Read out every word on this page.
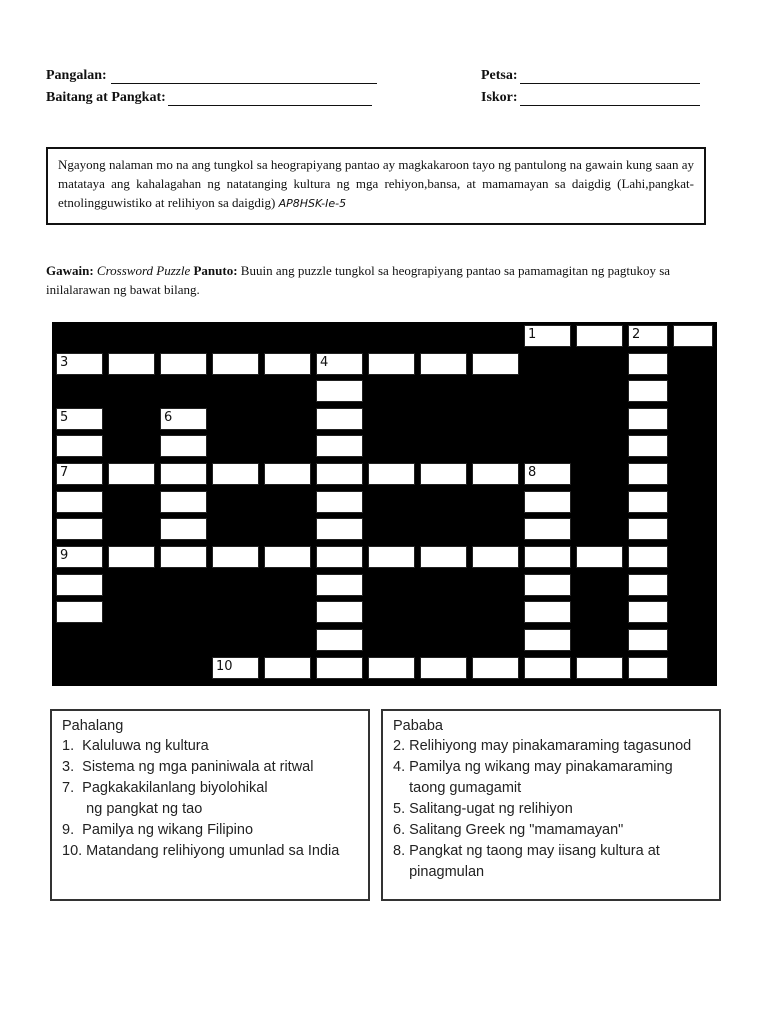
Pangalan:	Petsa:
Baitang at Pangkat:	Iskor:
Ngayong nalaman mo na ang tungkol sa heograpiyang pantao ay magkakaroon tayo ng pantulong na gawain kung saan ay matataya ang kahalagahan ng natatanging kultura ng mga rehiyon,bansa, at mamamayan sa daigdig (Lahi,pangkat-etnolingguwistiko at relihiyon sa daigdig) AP8HSK-Ie-5
Gawain: Crossword Puzzle Panuto: Buuin ang puzzle tungkol sa heograpiyang pantao sa pamamagitan ng pagtukoy sa inilalarawan ng bawat bilang.
1	2
3	4
5	6
7	8
9
10
Pahalang
1.  Kaluluwa ng kultura
3.  Sistema ng mga paniniwala at ritwal
7.  Pagkakakilanlang biyolohikal
ng pangkat ng tao
9.  Pamilya ng wikang Filipino
10. Matandang relihiyong umunlad sa India
Pababa
2. Relihiyong may pinakamaraming tagasunod
4. Pamilya ng wikang may pinakamaraming
taong gumagamit
5. Salitang-ugat ng relihiyon
6. Salitang Greek ng "mamamayan"
8. Pangkat ng taong may iisang kultura at
pinagmulan
